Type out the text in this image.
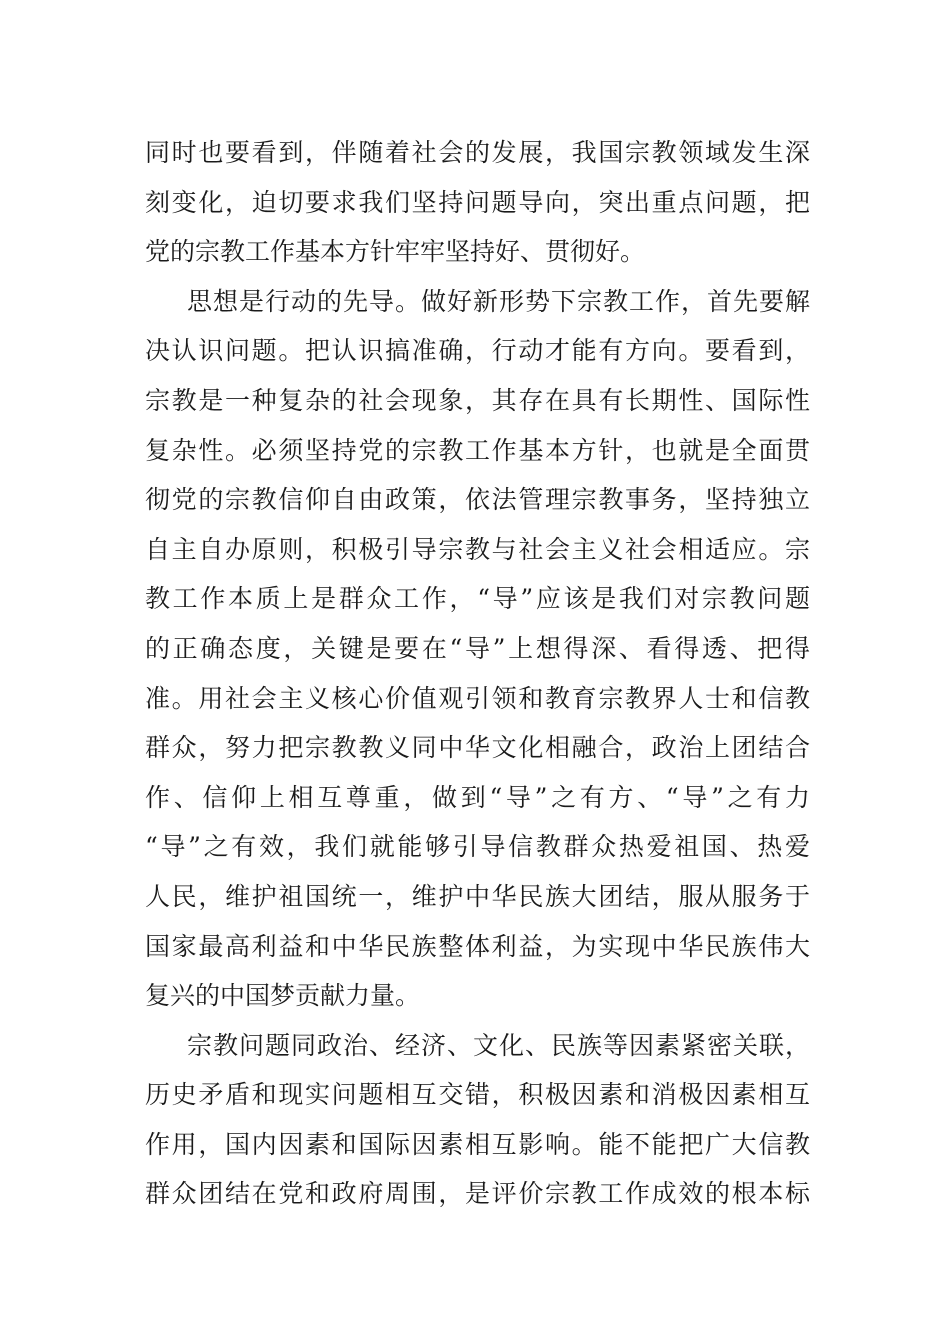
同时也要看到，伴随着社会的发展，我国宗教领域发生深
刻变化，迫切要求我们坚持问题导向，突出重点问题，把
党的宗教工作基本方针牢牢坚持好、贯彻好。
思想是行动的先导。做好新形势下宗教工作，首先要解
决认识问题。把认识搞准确，行动才能有方向。要看到，
宗教是一种复杂的社会现象，其存在具有长期性、国际性
复杂性。必须坚持党的宗教工作基本方针，也就是全面贯
彻党的宗教信仰自由政策，依法管理宗教事务，坚持独立
自主自办原则，积极引导宗教与社会主义社会相适应。宗
教工作本质上是群众工作，“导”应该是我们对宗教问题
的正确态度，关键是要在“导”上想得深、看得透、把得
准。用社会主义核心价值观引领和教育宗教界人士和信教
群众，努力把宗教教义同中华文化相融合，政治上团结合
作、信仰上相互尊重，做到“导”之有方、“导”之有力
“导”之有效，我们就能够引导信教群众热爱祖国、热爱
人民，维护祖国统一，维护中华民族大团结，服从服务于
国家最高利益和中华民族整体利益，为实现中华民族伟大
复兴的中国梦贡献力量。
宗教问题同政治、经济、文化、民族等因素紧密关联，
历史矛盾和现实问题相互交错，积极因素和消极因素相互
作用，国内因素和国际因素相互影响。能不能把广大信教
群众团结在党和政府周围，是评价宗教工作成效的根本标
